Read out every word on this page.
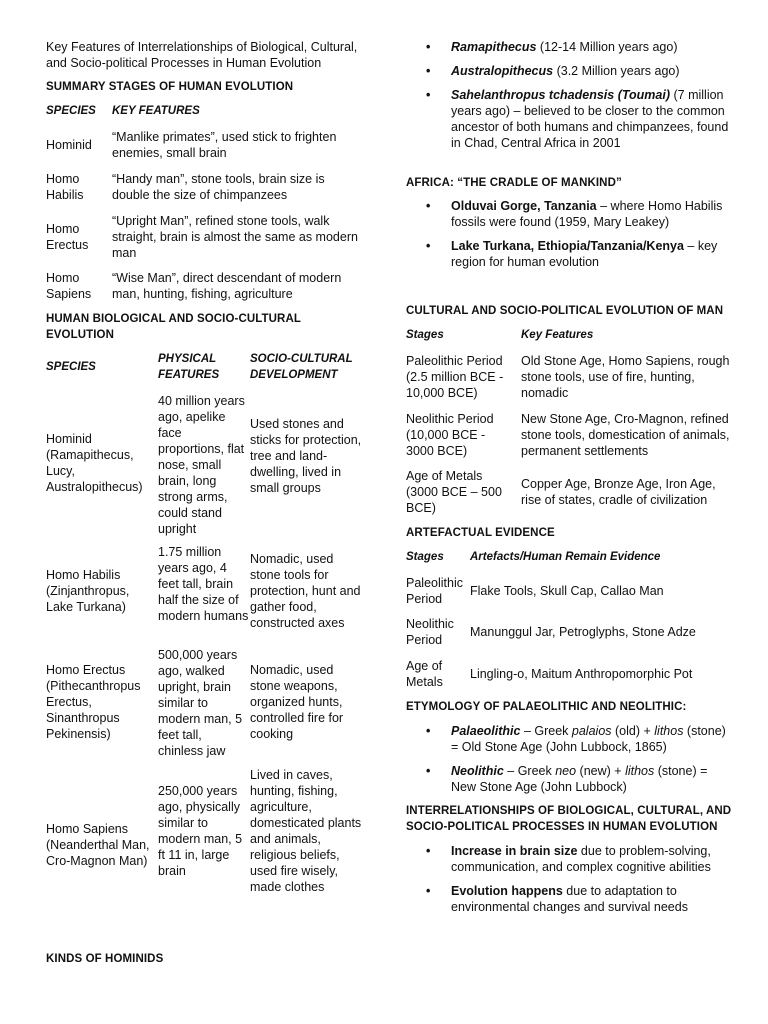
Key Features of Interrelationships of Biological, Cultural, and Socio-political Processes in Human Evolution
SUMMARY STAGES OF HUMAN EVOLUTION
SPECIES KEY FEATURES
Hominid
“Manlike primates”, used stick to frighten enemies, small brain
Homo Habilis
“Handy man”, stone tools, brain size is double the size of chimpanzees
Homo Erectus
“Upright Man”, refined stone tools, walk straight, brain is almost the same as modern man
Homo Sapiens
“Wise Man”, direct descendant of modern man, hunting, fishing, agriculture
HUMAN BIOLOGICAL AND SOCIO-CULTURAL EVOLUTION
SPECIES
PHYSICAL FEATURES
SOCIO-CULTURAL DEVELOPMENT
Hominid (Ramapithecus, Lucy, Australopithecus)
40 million years ago, apelike face proportions, flat nose, small brain, long strong arms, could stand upright
Used stones and sticks for protection, tree and land-dwelling, lived in small groups
Homo Habilis (Zinjanthropus, Lake Turkana)
1.75 million years ago, 4 feet tall, brain half the size of modern humans
Nomadic, used stone tools for protection, hunt and gather food, constructed axes
Homo Erectus (Pithecanthropus Erectus, Sinanthropus Pekinensis)
500,000 years ago, walked upright, brain similar to modern man, 5 feet tall, chinless jaw
Nomadic, used stone weapons, organized hunts, controlled fire for cooking
Homo Sapiens (Neanderthal Man, Cro-Magnon Man)
250,000 years ago, physically similar to modern man, 5 ft 11 in, large brain
Lived in caves, hunting, fishing, agriculture, domesticated plants and animals, religious beliefs, used fire wisely, made clothes
KINDS OF HOMINIDS
• Ramapithecus (12-14 Million years ago)
• Australopithecus (3.2 Million years ago)
• Sahelanthropus tchadensis (Toumai) (7 million years ago) – believed to be closer to the common ancestor of both humans and chimpanzees, found in Chad, Central Africa in 2001
AFRICA: “THE CRADLE OF MANKIND”
• Olduvai Gorge, Tanzania – where Homo Habilis fossils were found (1959, Mary Leakey)
• Lake Turkana, Ethiopia/Tanzania/Kenya – key region for human evolution
CULTURAL AND SOCIO-POLITICAL EVOLUTION OF MAN
Stages	Key Features
Paleolithic Period (2.5 million BCE - 10,000 BCE)
Old Stone Age, Homo Sapiens, rough stone tools, use of fire, hunting, nomadic
Neolithic Period (10,000 BCE - 3000 BCE)
New Stone Age, Cro-Magnon, refined stone tools, domestication of animals, permanent settlements
Age of Metals (3000 BCE – 500 BCE)
Copper Age, Bronze Age, Iron Age, rise of states, cradle of civilization
ARTEFACTUAL EVIDENCE
Stages Artefacts/Human Remain Evidence
Paleolithic Period
Flake Tools, Skull Cap, Callao Man
Neolithic Period
Manunggul Jar, Petroglyphs, Stone Adze
Age of Metals
Lingling-o, Maitum Anthropomorphic Pot
ETYMOLOGY OF PALAEOLITHIC AND NEOLITHIC:
• Palaeolithic – Greek palaios (old) + lithos (stone) = Old Stone Age (John Lubbock, 1865)
• Neolithic – Greek neo (new) + lithos (stone) = New Stone Age (John Lubbock)
INTERRELATIONSHIPS OF BIOLOGICAL, CULTURAL, AND SOCIO-POLITICAL PROCESSES IN HUMAN EVOLUTION
• Increase in brain size due to problem-solving, communication, and complex cognitive abilities
• Evolution happens due to adaptation to environmental changes and survival needs
